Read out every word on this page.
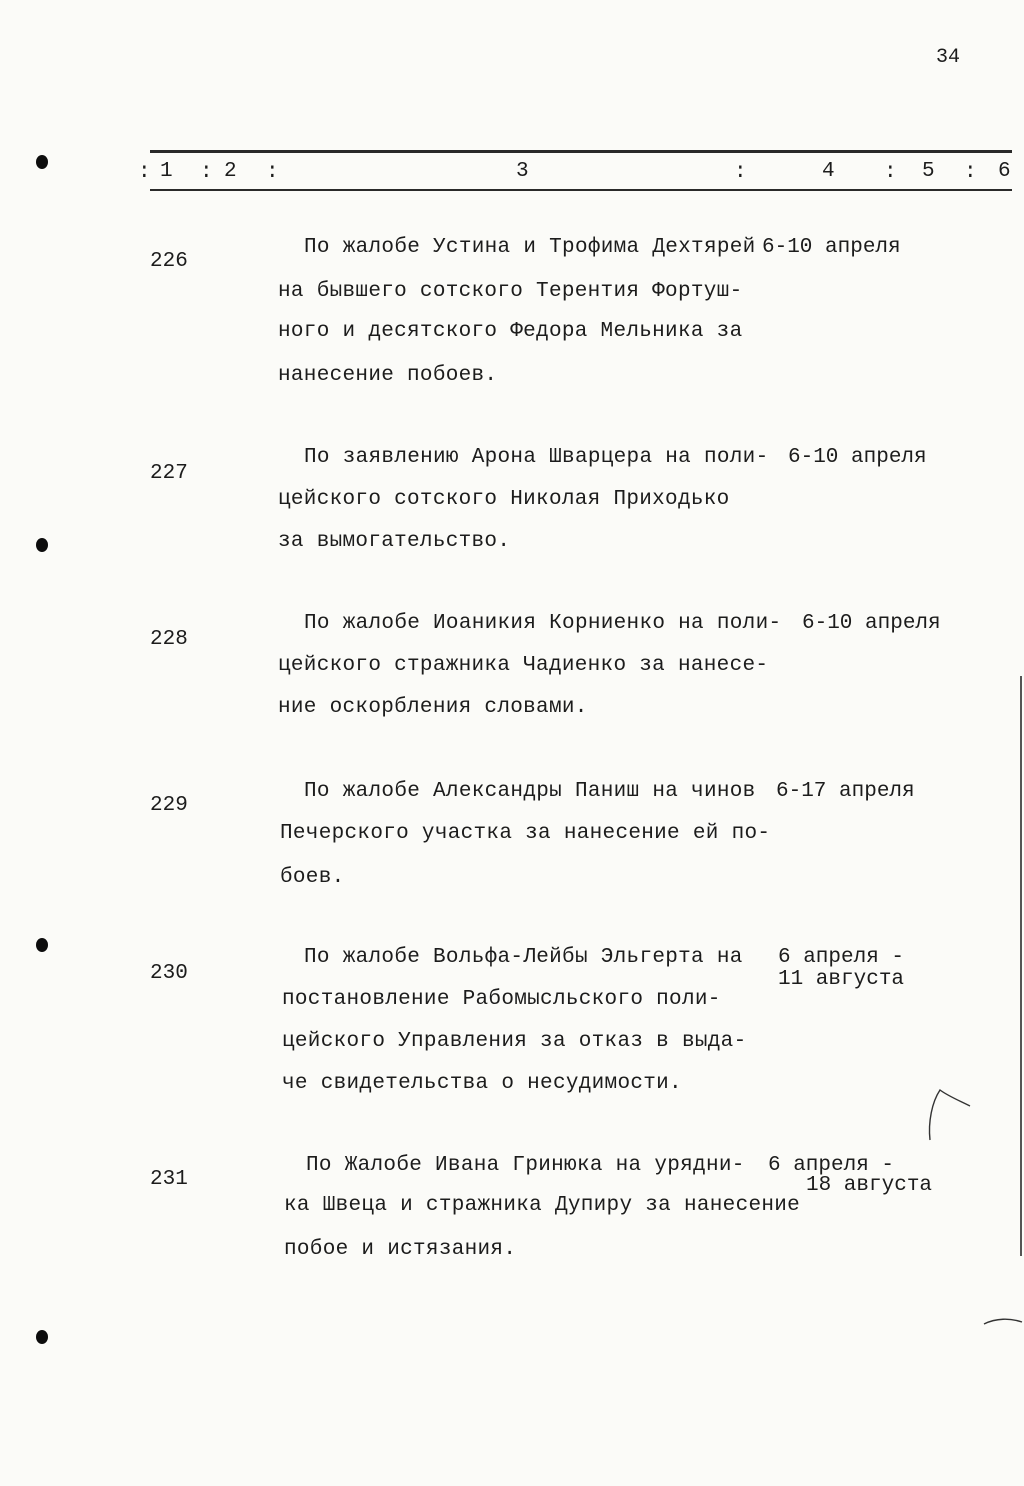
34
: 1 : 2 :	3	:	4 : 5 : 6
226
По жалобе Устина и Трофима Дехтярей
на бывшего сотского Терентия Фортуш-
ного и десятского Федора Мельника за
нанесение побоев.
6-10 апреля
227
По заявлению Арона Шварцера на поли-
цейского сотского Николая Приходько
за вымогательство.
6-10 апреля
228
По жалобе Иоаникия Корниенко на поли-
цейского стражника Чадиенко за нанесе-
ние оскорбления словами.
6-10 апреля
229
По жалобе Александры Паниш на чинов
Печерского участка за нанесение ей по-
боев.
6-17 апреля
230
По жалобе Вольфа-Лейбы Эльгерта на
постановление Рабомысльского поли-
цейского Управления за отказ в выда-
че свидетельства о несудимости.
6 апреля -
11 августа
231
По Жалобе Ивана Гринюка на урядни-
ка Швеца и стражника Дупиру за нанесение
побое и истязания.
6 апреля -
18 августа
